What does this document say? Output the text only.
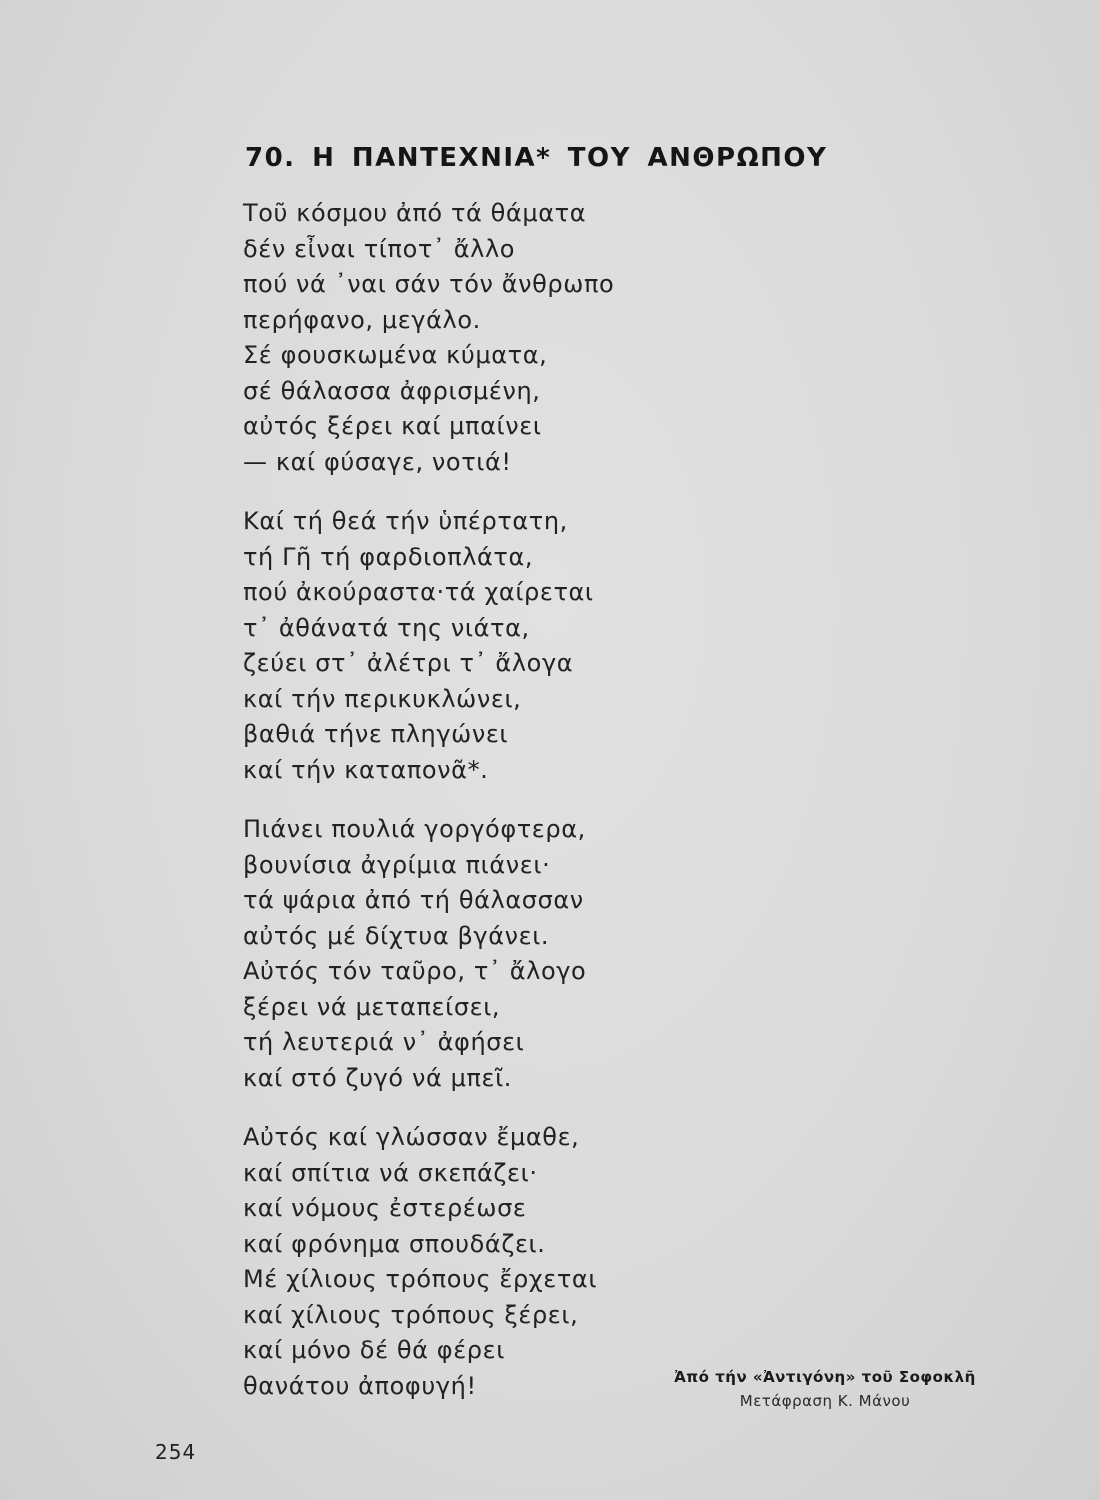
70. Η ΠΑΝΤΕΧΝΙΑ* ΤΟΥ ΑΝΘΡΩΠΟΥ
Τοῦ κόσμου ἀπό τά θάματα
δέν εἶναι τίποτ᾽ ἄλλο
πού νά ᾽ναι σάν τόν ἄνθρωπο
περήφανο, μεγάλο.
Σέ φουσκωμένα κύματα,
σέ θάλασσα ἀφρισμένη,
αὐτός ξέρει καί μπαίνει
— καί φύσαγε, νοτιά!
Καί τή θεά τήν ὑπέρτατη,
τή Γῆ τή φαρδιοπλάτα,
πού ἀκούραστα·τά χαίρεται
τ᾽ ἀθάνατά της νιάτα,
ζεύει στ᾽ ἀλέτρι τ᾽ ἄλογα
καί τήν περικυκλώνει,
βαθιά τήνε πληγώνει
καί τήν καταπονᾶ*.
Πιάνει πουλιά γοργόφτερα,
βουνίσια ἀγρίμια πιάνει·
τά ψάρια ἀπό τή θάλασσαν
αὐτός μέ δίχτυα βγάνει.
Αὐτός τόν ταῦρο, τ᾽ ἄλογο
ξέρει νά μεταπείσει,
τή λευτεριά ν᾽ ἀφήσει
καί στό ζυγό νά μπεῖ.
Αὐτός καί γλώσσαν ἔμαθε,
καί σπίτια νά σκεπάζει·
καί νόμους ἐστερέωσε
καί φρόνημα σπουδάζει.
Μέ χίλιους τρόπους ἔρχεται
καί χίλιους τρόπους ξέρει,
καί μόνο δέ θά φέρει
θανάτου ἀποφυγή!	Ἀπό τήν «Ἀντιγόνη» τοῦ Σοφοκλῆ
Μετάφραση Κ. Μάνου
254
